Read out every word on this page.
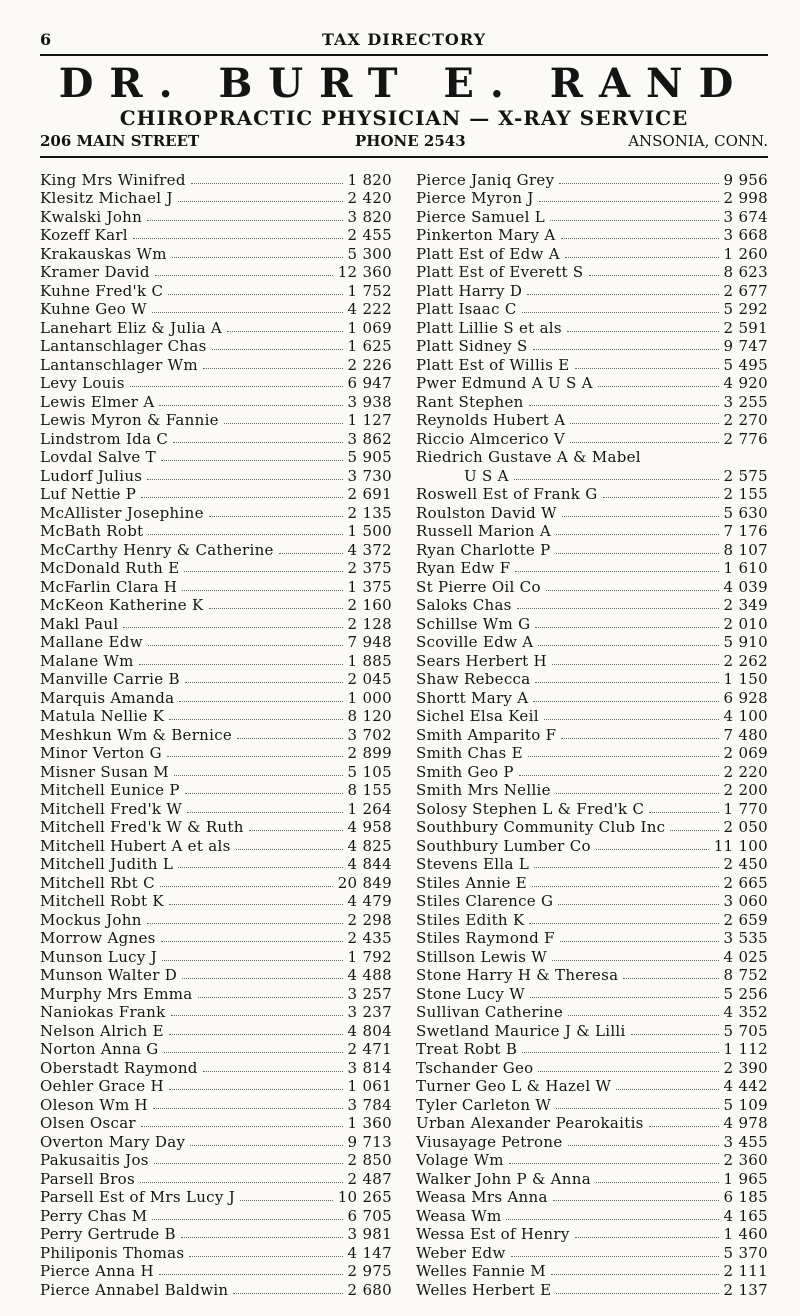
6	TAX DIRECTORY
DR. BURT E. RAND
CHIROPRACTIC PHYSICIAN — X-RAY SERVICE
206 MAIN STREET	PHONE 2543	ANSONIA, CONN.
King Mrs Winifred	1 820
Klesitz Michael J	2 420
Kwalski John	3 820
Kozeff Karl	2 455
Krakauskas Wm	5 300
Kramer David	12 360
Kuhne Fred'k C	1 752
Kuhne Geo W	4 222
Lanehart Eliz & Julia A	1 069
Lantanschlager Chas	1 625
Lantanschlager Wm	2 226
Levy Louis	6 947
Lewis Elmer A	3 938
Lewis Myron & Fannie	1 127
Lindstrom Ida C	3 862
Lovdal Salve T	5 905
Ludorf Julius	3 730
Luf Nettie P	2 691
McAllister Josephine	2 135
McBath Robt	1 500
McCarthy Henry & Catherine	4 372
McDonald Ruth E	2 375
McFarlin Clara H	1 375
McKeon Katherine K	2 160
Makl Paul	2 128
Mallane Edw	7 948
Malane Wm	1 885
Manville Carrie B	2 045
Marquis Amanda	1 000
Matula Nellie K	8 120
Meshkun Wm & Bernice	3 702
Minor Verton G	2 899
Misner Susan M	5 105
Mitchell Eunice P	8 155
Mitchell Fred'k W	1 264
Mitchell Fred'k W & Ruth	4 958
Mitchell Hubert A et als	4 825
Mitchell Judith L	4 844
Mitchell Rbt C	20 849
Mitchell Robt K	4 479
Mockus John	2 298
Morrow Agnes	2 435
Munson Lucy J	1 792
Munson Walter D	4 488
Murphy Mrs Emma	3 257
Naniokas Frank	3 237
Nelson Alrich E	4 804
Norton Anna G	2 471
Oberstadt Raymond	3 814
Oehler Grace H	1 061
Oleson Wm H	3 784
Olsen Oscar	1 360
Overton Mary Day	9 713
Pakusaitis Jos	2 850
Parsell Bros	2 487
Parsell Est of Mrs Lucy J	10 265
Perry Chas M	6 705
Perry Gertrude B	3 981
Philiponis Thomas	4 147
Pierce Anna H	2 975
Pierce Annabel Baldwin	2 680
Pierce Janiq Grey	9 956
Pierce Myron J	2 998
Pierce Samuel L	3 674
Pinkerton Mary A	3 668
Platt Est of Edw A	1 260
Platt Est of Everett S	8 623
Platt Harry D	2 677
Platt Isaac C	5 292
Platt Lillie S et als	2 591
Platt Sidney S	9 747
Platt Est of Willis E	5 495
Pwer Edmund A U S A	4 920
Rant Stephen	3 255
Reynolds Hubert A	2 270
Riccio Almcerico V	2 776
Riedrich Gustave A & Mabel
U S A	2 575
Roswell Est of Frank G	2 155
Roulston David W	5 630
Russell Marion A	7 176
Ryan Charlotte P	8 107
Ryan Edw F	1 610
St Pierre Oil Co	4 039
Saloks Chas	2 349
Schillse Wm G	2 010
Scoville Edw A	5 910
Sears Herbert H	2 262
Shaw Rebecca	1 150
Shortt Mary A	6 928
Sichel Elsa Keil	4 100
Smith Amparito F	7 480
Smith Chas E	2 069
Smith Geo P	2 220
Smith Mrs Nellie	2 200
Solosy Stephen L & Fred'k C	1 770
Southbury Community Club Inc	2 050
Southbury Lumber Co	11 100
Stevens Ella L	2 450
Stiles Annie E	2 665
Stiles Clarence G	3 060
Stiles Edith K	2 659
Stiles Raymond F	3 535
Stillson Lewis W	4 025
Stone Harry H & Theresa	8 752
Stone Lucy W	5 256
Sullivan Catherine	4 352
Swetland Maurice J & Lilli	5 705
Treat Robt B	1 112
Tschander Geo	2 390
Turner Geo L & Hazel W	4 442
Tyler Carleton W	5 109
Urban Alexander Pearokaitis	4 978
Viusayage Petrone	3 455
Volage Wm	2 360
Walker John P & Anna	1 965
Weasa Mrs Anna	6 185
Weasa Wm	4 165
Wessa Est of Henry	1 460
Weber Edw	5 370
Welles Fannie M	2 111
Welles Herbert E	2 137
